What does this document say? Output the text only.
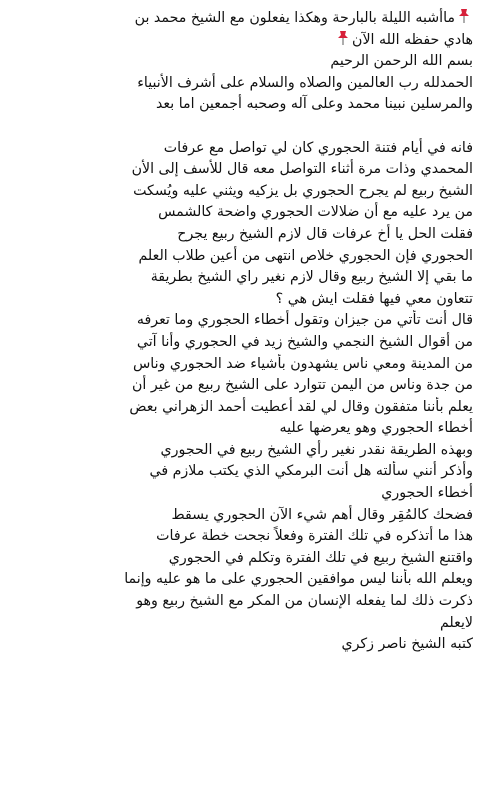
ماأشبه الليلة بالبارحة وهكذا يفعلون مع الشيخ محمد بن
هادي حفظه الله الآن
بسم الله الرحمن الرحيم
الحمدلله رب العالمين والصلاه والسلام على أشرف الأنبياء
والمرسلين نبينا محمد وعلى آله وصحبه أجمعين اما بعد
فانه في أيام فتنة الحجوري كان لي تواصل مع عرفات
المحمدي وذات مرة أثناء التواصل معه قال للأسف إلى الأن
الشيخ ربيع لم يجرح الحجوري بل يزكيه ويثني عليه ويُسكت
من يرد عليه مع أن ضلالات الحجوري واضحة كالشمس
فقلت الحل يا أخ عرفات قال لازم الشيخ ربيع يجرح
الحجوري فإن الحجوري خلاص انتهى من أعين طلاب العلم
ما بقي إلا الشيخ ربيع وقال لازم نغير راي الشيخ بطريقة
تتعاون معي فيها فقلت ايش هي ؟
قال أنت تأتي من جيزان وتقول أخطاء الحجوري وما تعرفه
من أقوال الشيخ النجمي والشيخ زيد في الحجوري وأنا آتي
من المدينة ومعي ناس يشهدون بأشياء ضد الحجوري وناس
من جدة وناس من اليمن تتوارد على الشيخ ربيع من غير أن
يعلم بأننا متفقون وقال لي لقد أعطيت أحمد الزهراني بعض
أخطاء الحجوري وهو يعرضها عليه
وبهذه الطريقة نقدر نغير رأي الشيخ ربيع في الحجوري
وأذكر أنني سألته هل أنت البرمكي الذي يكتب ملازم في
أخطاء الحجوري
فضحك كالمُقِر وقال أهم شيء الآن الحجوري يسقط
هذا ما أتذكره في تلك الفترة وفعلاً نجحت خطة عرفات
واقتنع الشيخ ربيع في تلك الفترة وتكلم في الحجوري
ويعلم الله بأننا ليس موافقين الحجوري على ما هو عليه وإنما
ذكرت ذلك لما يفعله الإنسان من المكر مع الشيخ ربيع وهو
لايعلم
كتبه الشيخ ناصر زكري
